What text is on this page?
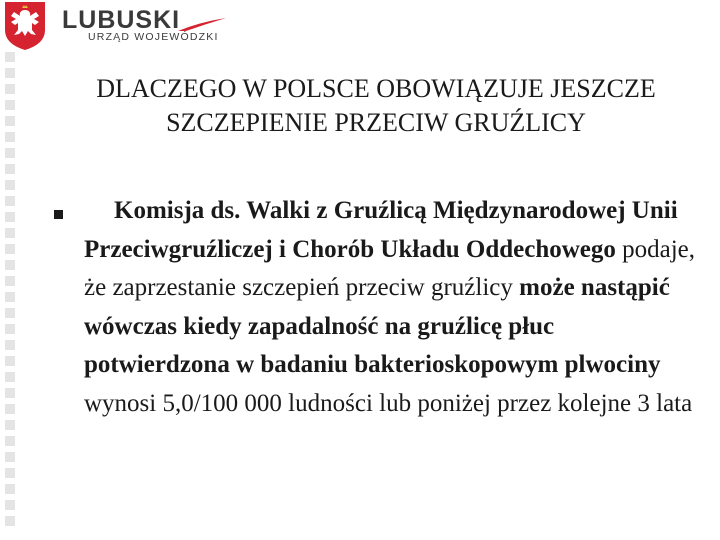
LUBUSKI
URZĄD WOJEWÓDZKI
DLACZEGO W POLSCE OBOWIĄZUJE JESZCZE SZCZEPIENIE PRZECIW GRUŹLICY
Komisja ds. Walki z Gruźlicą Międzynarodowej Unii Przeciwgruźliczej i Chorób Układu Oddechowego podaje, że zaprzestanie szczepień przeciw gruźlicy może nastąpić wówczas kiedy zapadalność na gruźlicę płuc potwierdzona w badaniu bakterioskopowym plwociny wynosi 5,0/100 000 ludności lub poniżej przez kolejne 3 lata
